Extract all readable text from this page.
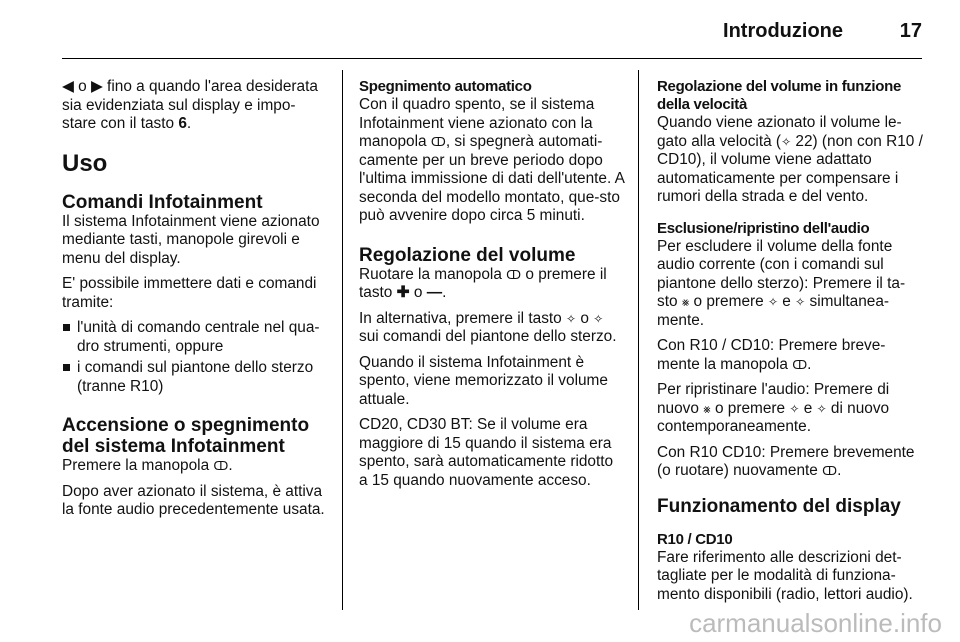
Introduzione	17

◀ o ▶ fino a quando l'area desiderata sia evidenziata sul display e impo-stare con il tasto 6.

Uso
Comandi Infotainment

Il sistema Infotainment viene azionato mediante tasti, manopole girevoli e menu del display.

E' possibile immettere dati e comandi tramite:

l'unità di comando centrale nel qua-dro strumenti, oppure
i comandi sul piantone dello sterzo (tranne R10)
Accensione o spegnimento del sistema Infotainment

Premere la manopola ↀ.

Dopo aver azionato il sistema, è attiva la fonte audio precedentemente usata.

Spegnimento automatico

Con il quadro spento, se il sistema Infotainment viene azionato con la manopola ↀ, si spegnerà automati-camente per un breve periodo dopo l'ultima immissione di dati dell'utente. A seconda del modello montato, que-sto può avvenire dopo circa 5 minuti.

Regolazione del volume

Ruotare la manopola ↀ o premere il tasto ✚ o —.

In alternativa, premere il tasto ✧ o ✧ sui comandi del piantone dello sterzo.

Quando il sistema Infotainment è spento, viene memorizzato il volume attuale.

CD20, CD30 BT: Se il volume era maggiore di 15 quando il sistema era spento, sarà automaticamente ridotto a 15 quando nuovamente acceso.

Regolazione del volume in funzione della velocità

Quando viene azionato il volume le-gato alla velocità (✧ 22) (non con R10 / CD10), il volume viene adattato automaticamente per compensare i rumori della strada e del vento.

Esclusione/ripristino dell'audio

Per escludere il volume della fonte audio corrente (con i comandi sul piantone dello sterzo): Premere il ta-sto ⨳ o premere ✧ e ✧ simultanea-mente.

Con R10 / CD10: Premere breve-mente la manopola ↀ.

Per ripristinare l'audio: Premere di nuovo ⨳ o premere ✧ e ✧ di nuovo contemporaneamente.

Con R10 CD10: Premere brevemente (o ruotare) nuovamente ↀ.

Funzionamento del display
R10 / CD10

Fare riferimento alle descrizioni det-tagliate per le modalità di funziona-mento disponibili (radio, lettori audio).

carmanualsonline.info
